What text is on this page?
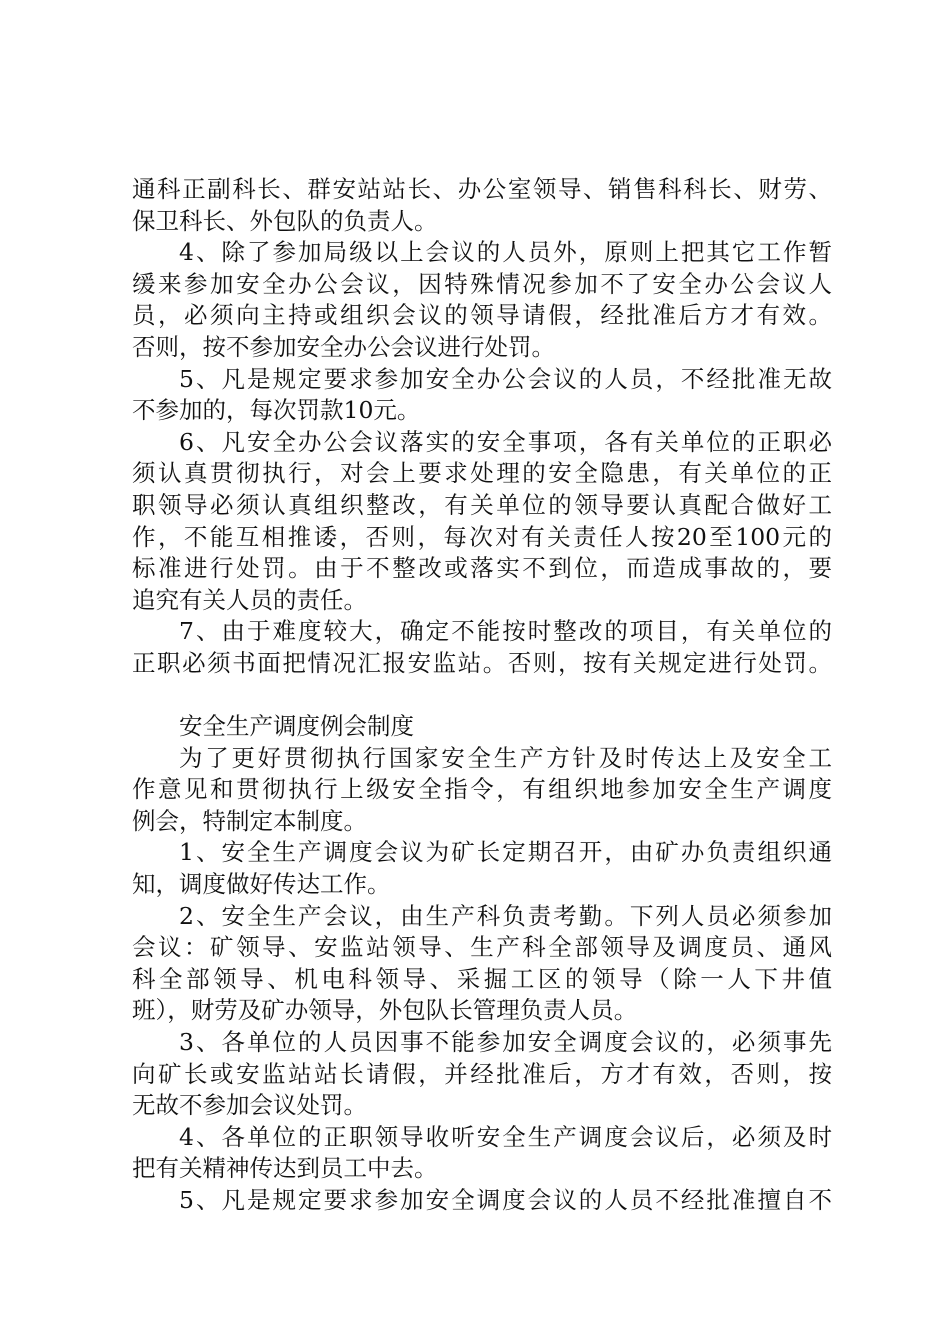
通科正副科长、群安站站长、办公室领导、销售科科长、财劳、
保卫科长、外包队的负责人。
4、除了参加局级以上会议的人员外，原则上把其它工作暂
缓来参加安全办公会议，因特殊情况参加不了安全办公会议人
员，必须向主持或组织会议的领导请假，经批准后方才有效。
否则，按不参加安全办公会议进行处罚。
5、凡是规定要求参加安全办公会议的人员，不经批准无故
不参加的，每次罚款10元。
6、凡安全办公会议落实的安全事项，各有关单位的正职必
须认真贯彻执行，对会上要求处理的安全隐患，有关单位的正
职领导必须认真组织整改，有关单位的领导要认真配合做好工
作，不能互相推诿，否则，每次对有关责任人按20至100元的
标准进行处罚。由于不整改或落实不到位，而造成事故的，要
追究有关人员的责任。
7、由于难度较大，确定不能按时整改的项目，有关单位的
正职必须书面把情况汇报安监站。否则，按有关规定进行处罚。
安全生产调度例会制度
为了更好贯彻执行国家安全生产方针及时传达上及安全工
作意见和贯彻执行上级安全指令，有组织地参加安全生产调度
例会，特制定本制度。
1、安全生产调度会议为矿长定期召开，由矿办负责组织通
知，调度做好传达工作。
2、安全生产会议，由生产科负责考勤。下列人员必须参加
会议：矿领导、安监站领导、生产科全部领导及调度员、通风
科全部领导、机电科领导、采掘工区的领导（除一人下井值
班），财劳及矿办领导，外包队长管理负责人员。
3、各单位的人员因事不能参加安全调度会议的，必须事先
向矿长或安监站站长请假，并经批准后，方才有效，否则，按
无故不参加会议处罚。
4、各单位的正职领导收听安全生产调度会议后，必须及时
把有关精神传达到员工中去。
5、凡是规定要求参加安全调度会议的人员不经批准擅自不
